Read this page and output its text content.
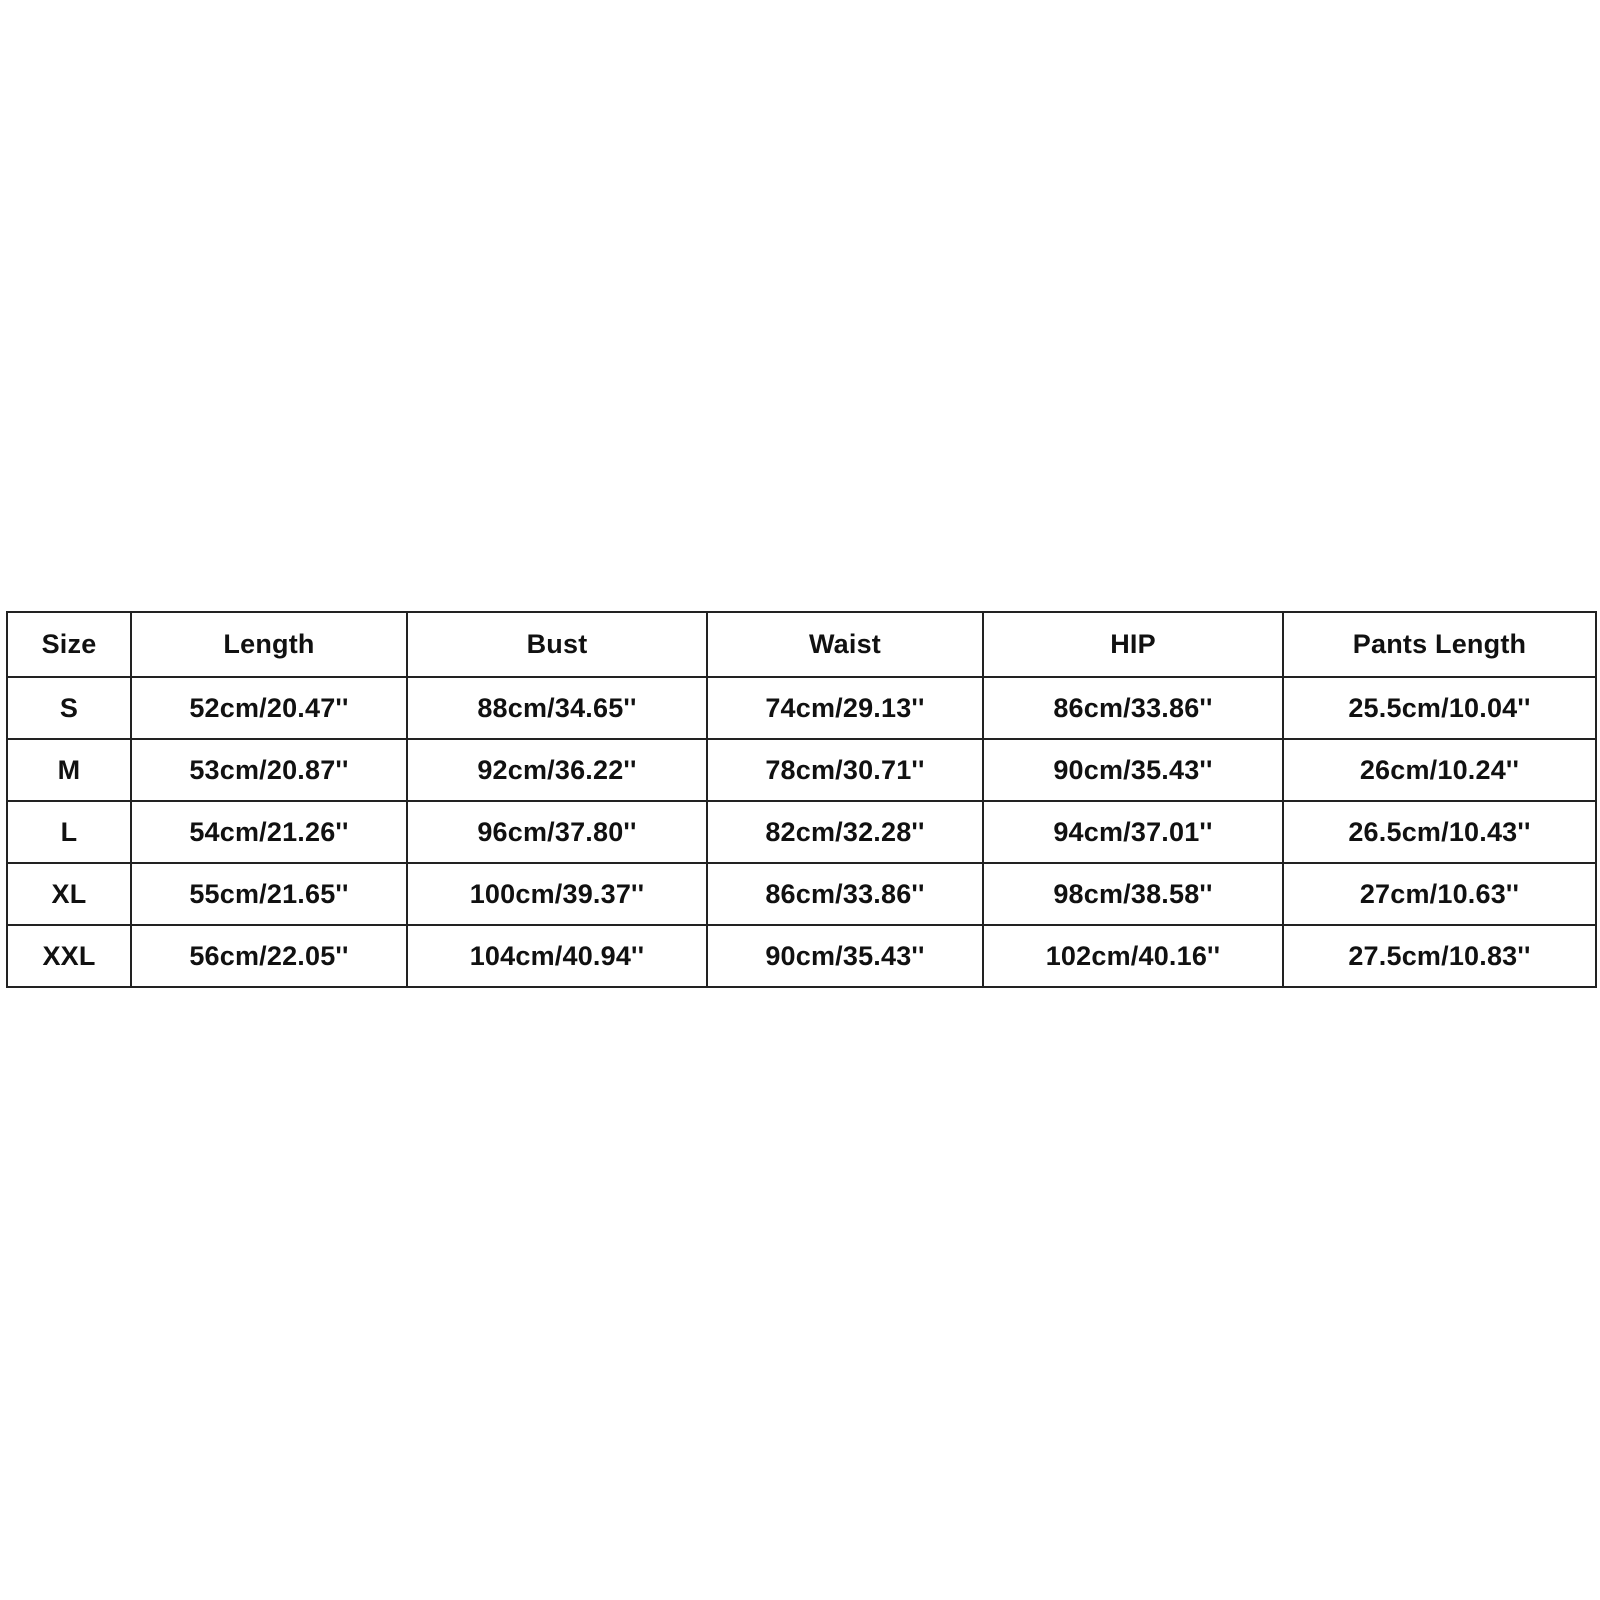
Size	Length	Bust	Waist	HIP	Pants Length
S	52cm/20.47''	88cm/34.65''	74cm/29.13''	86cm/33.86''	25.5cm/10.04''
M	53cm/20.87''	92cm/36.22''	78cm/30.71''	90cm/35.43''	26cm/10.24''
L	54cm/21.26''	96cm/37.80''	82cm/32.28''	94cm/37.01''	26.5cm/10.43''
XL	55cm/21.65''	100cm/39.37''	86cm/33.86''	98cm/38.58''	27cm/10.63''
XXL	56cm/22.05''	104cm/40.94''	90cm/35.43''	102cm/40.16''	27.5cm/10.83''
